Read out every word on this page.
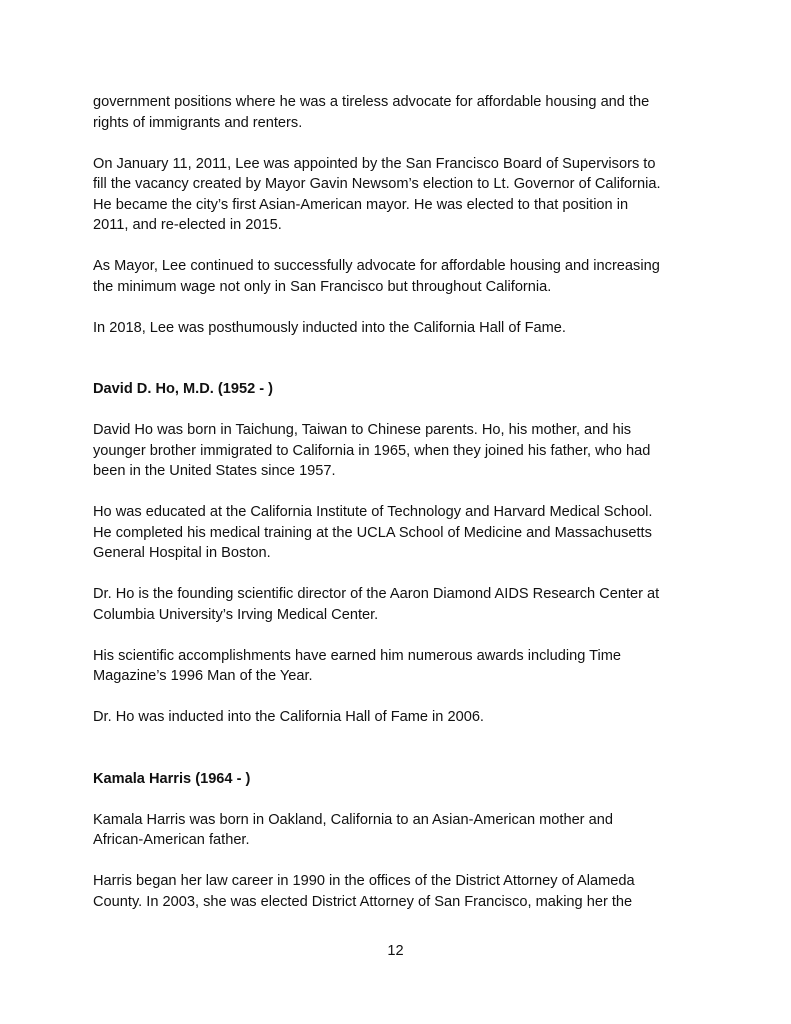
government positions where he was a tireless advocate for affordable housing and the
rights of immigrants and renters.

On January 11, 2011, Lee was appointed by the San Francisco Board of Supervisors to
fill the vacancy created by Mayor Gavin Newsom’s election to Lt. Governor of California.
He became the city’s first Asian-American mayor. He was elected to that position in
2011, and re-elected in 2015.

As Mayor, Lee continued to successfully advocate for affordable housing and increasing
the minimum wage not only in San Francisco but throughout California.

In 2018, Lee was posthumously inducted into the California Hall of Fame.

David D. Ho, M.D. (1952 - )

David Ho was born in Taichung, Taiwan to Chinese parents. Ho, his mother, and his
younger brother immigrated to California in 1965, when they joined his father, who had
been in the United States since 1957.

Ho was educated at the California Institute of Technology and Harvard Medical School.
He completed his medical training at the UCLA School of Medicine and Massachusetts
General Hospital in Boston.

Dr. Ho is the founding scientific director of the Aaron Diamond AIDS Research Center at
Columbia University’s Irving Medical Center.

His scientific accomplishments have earned him numerous awards including Time
Magazine’s 1996 Man of the Year.

Dr. Ho was inducted into the California Hall of Fame in 2006.

Kamala Harris (1964 - )

Kamala Harris was born in Oakland, California to an Asian-American mother and
African-American father.

Harris began her law career in 1990 in the offices of the District Attorney of Alameda
County. In 2003, she was elected District Attorney of San Francisco, making her the

12
